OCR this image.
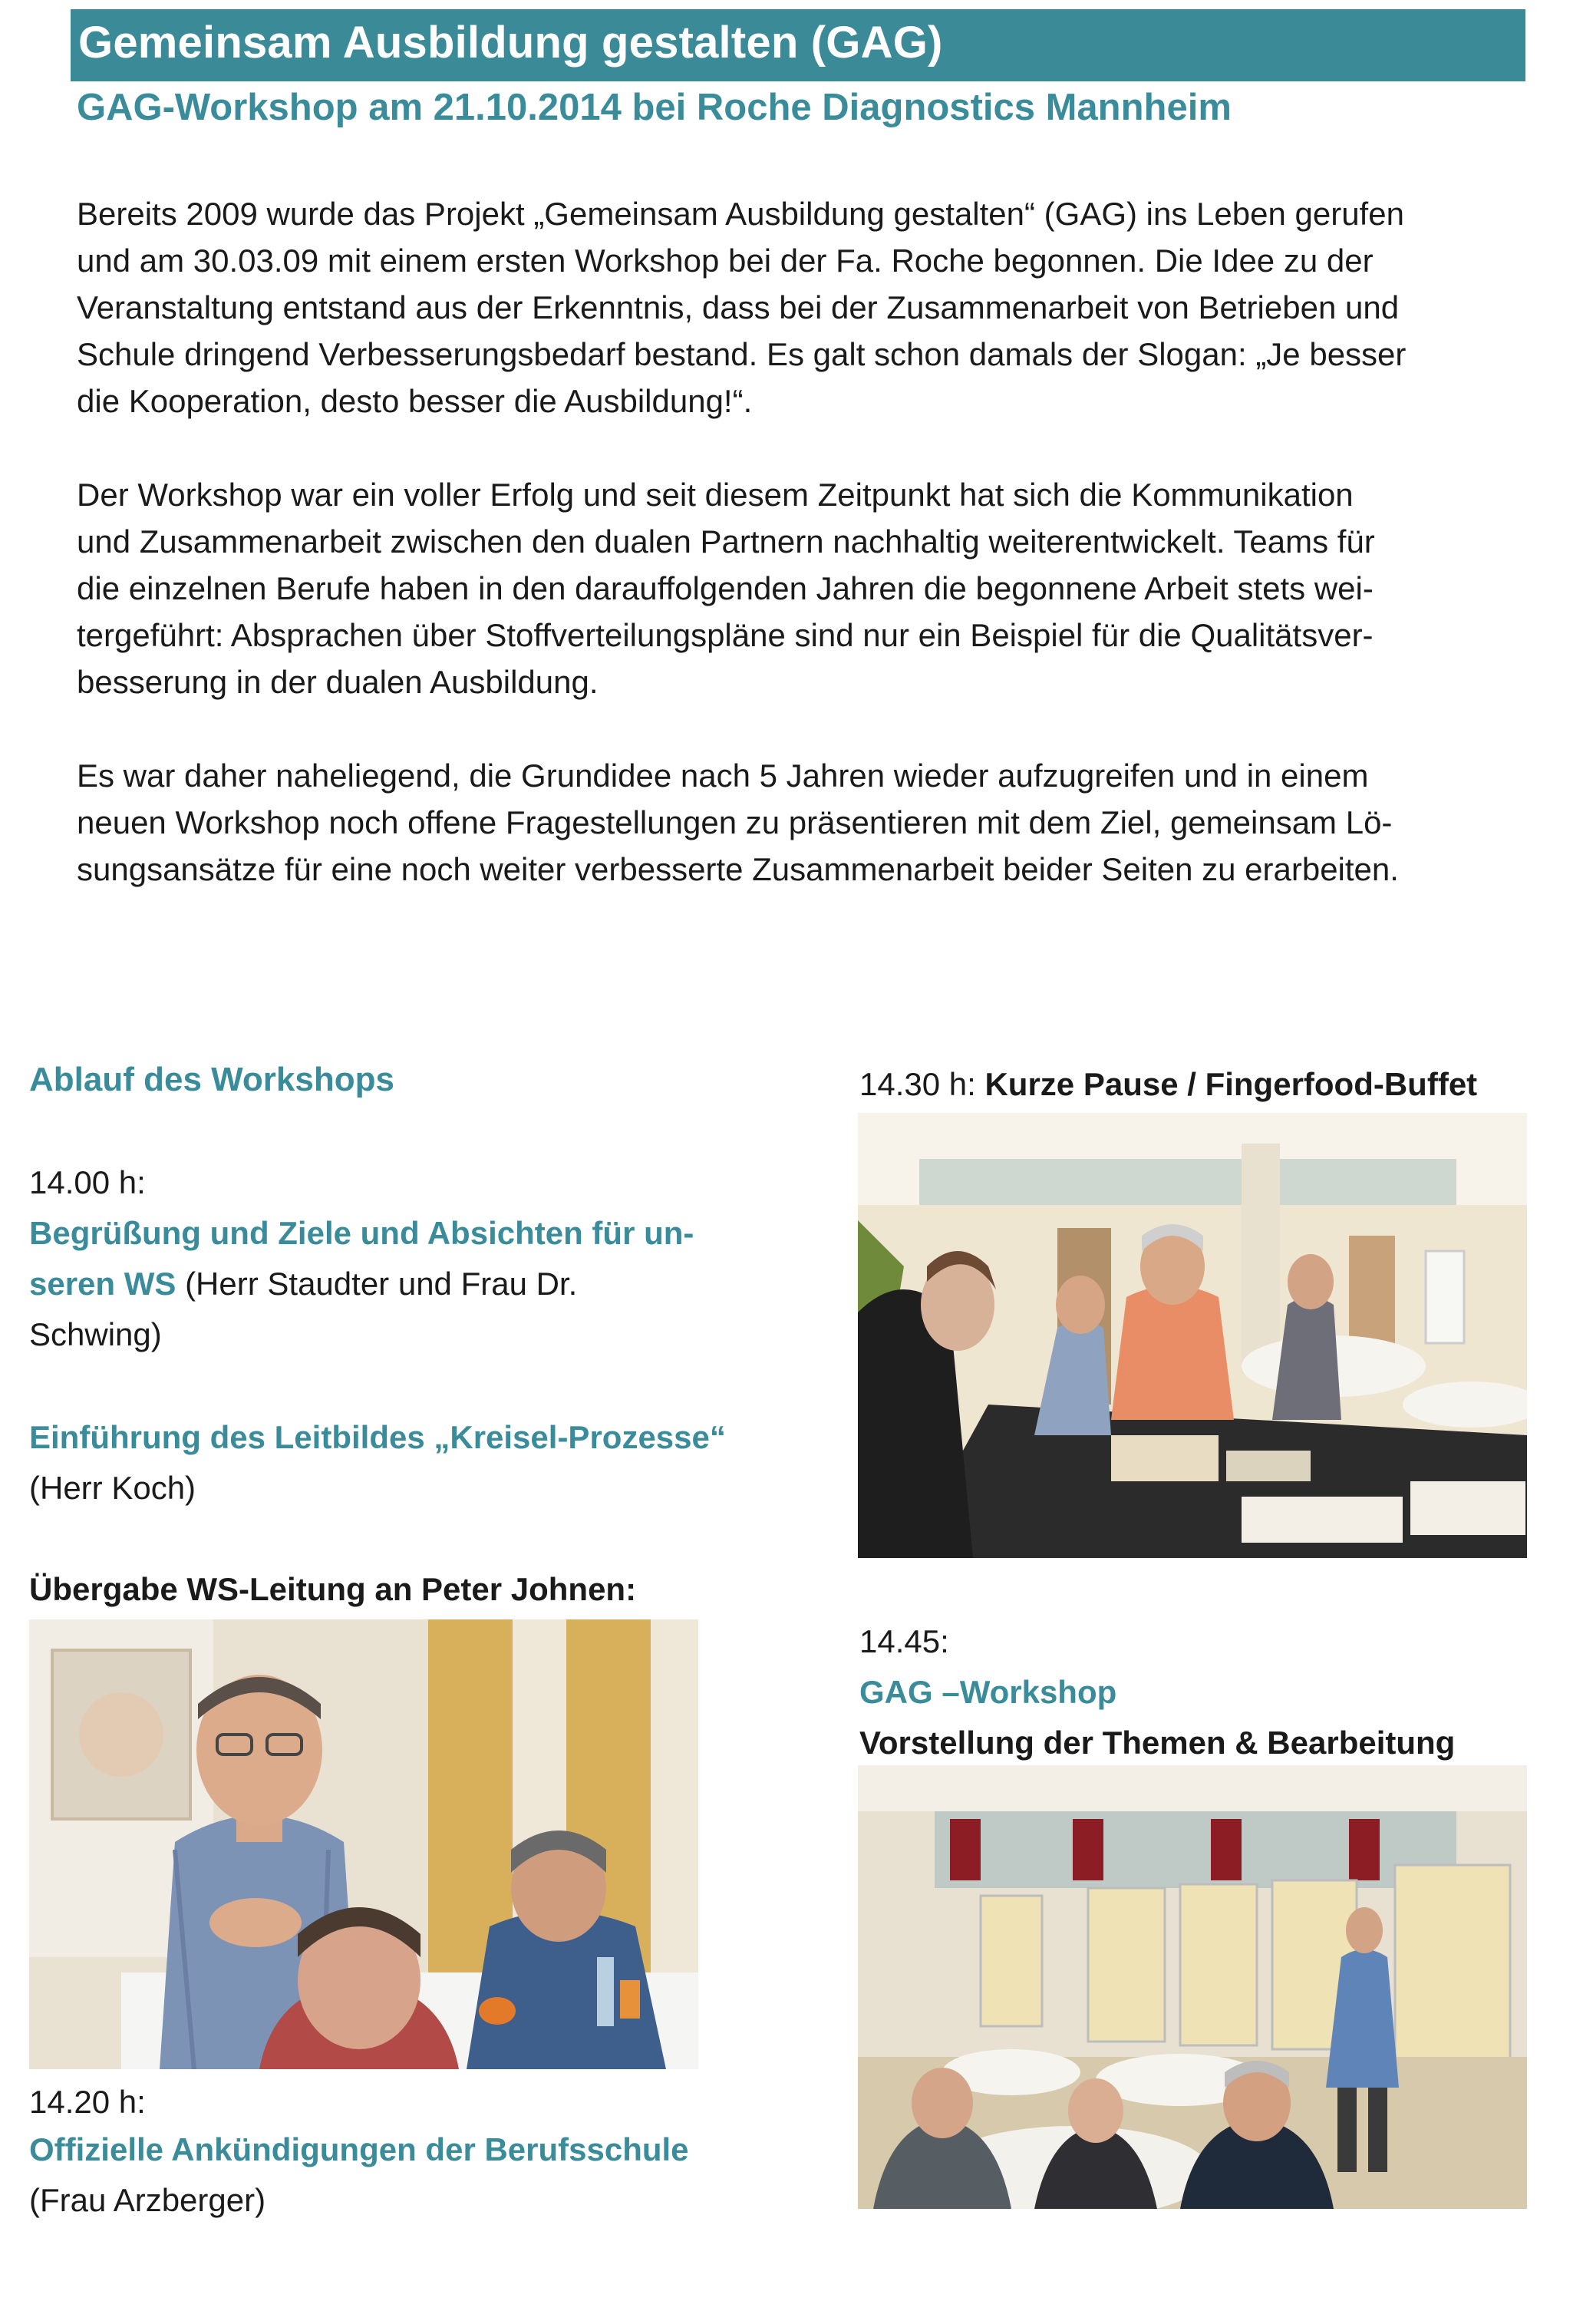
Gemeinsam Ausbildung gestalten (GAG)
GAG-Workshop am 21.10.2014 bei Roche Diagnostics Mannheim

Bereits 2009 wurde das Projekt „Gemeinsam Ausbildung gestalten“ (GAG) ins Leben gerufen
und am 30.03.09 mit einem ersten Workshop bei der Fa. Roche begonnen. Die Idee zu der
Veranstaltung entstand aus der Erkenntnis, dass bei der Zusammenarbeit von Betrieben und
Schule dringend Verbesserungsbedarf bestand. Es galt schon damals der Slogan: „Je besser
die Kooperation, desto besser die Ausbildung!“.

Der Workshop war ein voller Erfolg und seit diesem Zeitpunkt hat sich die Kommunikation
und Zusammenarbeit zwischen den dualen Partnern nachhaltig weiterentwickelt. Teams für
die einzelnen Berufe haben in den darauffolgenden Jahren die begonnene Arbeit stets wei-
tergeführt: Absprachen über Stoffverteilungspläne sind nur ein Beispiel für die Qualitätsver-
besserung in der dualen Ausbildung.

Es war daher naheliegend, die Grundidee nach 5 Jahren wieder aufzugreifen und in einem
neuen Workshop noch offene Fragestellungen zu präsentieren mit dem Ziel, gemeinsam Lö-
sungsansätze für eine noch weiter verbesserte Zusammenarbeit beider Seiten zu erarbeiten.

Ablauf des Workshops
14.00 h:
Begrüßung und Ziele und Absichten für un-
seren WS (Herr Staudter und Frau Dr.
Schwing)
Einführung des Leitbildes „Kreisel-Prozesse“
(Herr Koch)
Übergabe WS-Leitung an Peter Johnen:
14.20 h:
Offizielle Ankündigungen der Berufsschule
(Frau Arzberger)
14.30 h: Kurze Pause / Fingerfood-Buffet
14.45:
GAG –Workshop
Vorstellung der Themen & Bearbeitung
